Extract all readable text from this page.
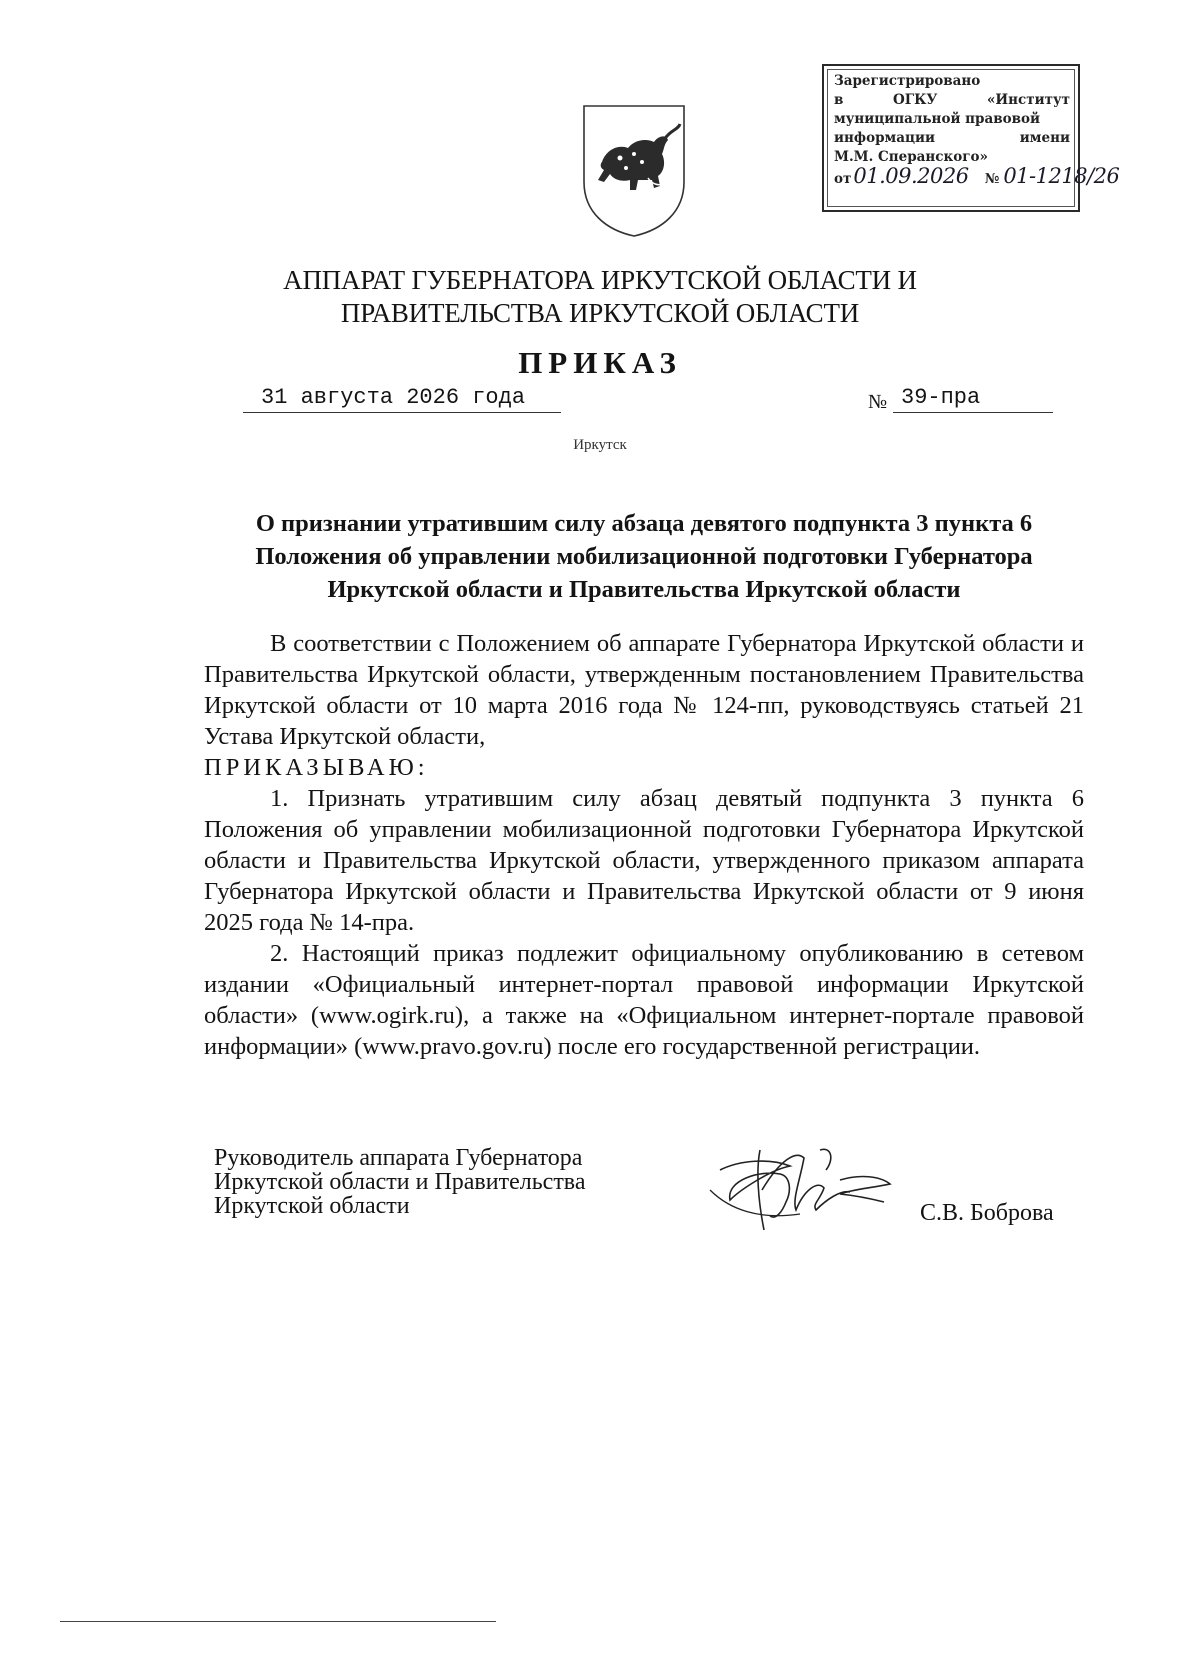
Зарегистрировано
в	ОГКУ	«Институт
муниципальной правовой
информации	имени
М.М. Сперанского»
от 01.09.2026 № 01-1218/26
АППАРАТ ГУБЕРНАТОРА ИРКУТСКОЙ ОБЛАСТИ И
ПРАВИТЕЛЬСТВА ИРКУТСКОЙ ОБЛАСТИ
ПРИКАЗ
31 августа 2026 года	№ 39-пра
Иркутск
О признании утратившим силу абзаца девятого подпункта 3 пункта 6
Положения об управлении мобилизационной подготовки Губернатора
Иркутской области и Правительства Иркутской области

В соответствии с Положением об аппарате Губернатора Иркутской области и Правительства Иркутской области, утвержденным постановлением Правительства Иркутской области от 10 марта 2016 года № 124-пп, руководствуясь статьей 21 Устава Иркутской области,

ПРИКАЗЫВАЮ:

1. Признать утратившим силу абзац девятый подпункта 3 пункта 6 Положения об управлении мобилизационной подготовки Губернатора Иркутской области и Правительства Иркутской области, утвержденного приказом аппарата Губернатора Иркутской области и Правительства Иркутской области от 9 июня 2025 года № 14-пра.

2. Настоящий приказ подлежит официальному опубликованию в сетевом издании «Официальный интернет-портал правовой информации Иркутской области» (www.ogirk.ru), а также на «Официальном интернет-портале правовой информации» (www.pravo.gov.ru) после его государственной регистрации.

Руководитель аппарата Губернатора
Иркутской области и Правительства
Иркутской области	С.В. Боброва
